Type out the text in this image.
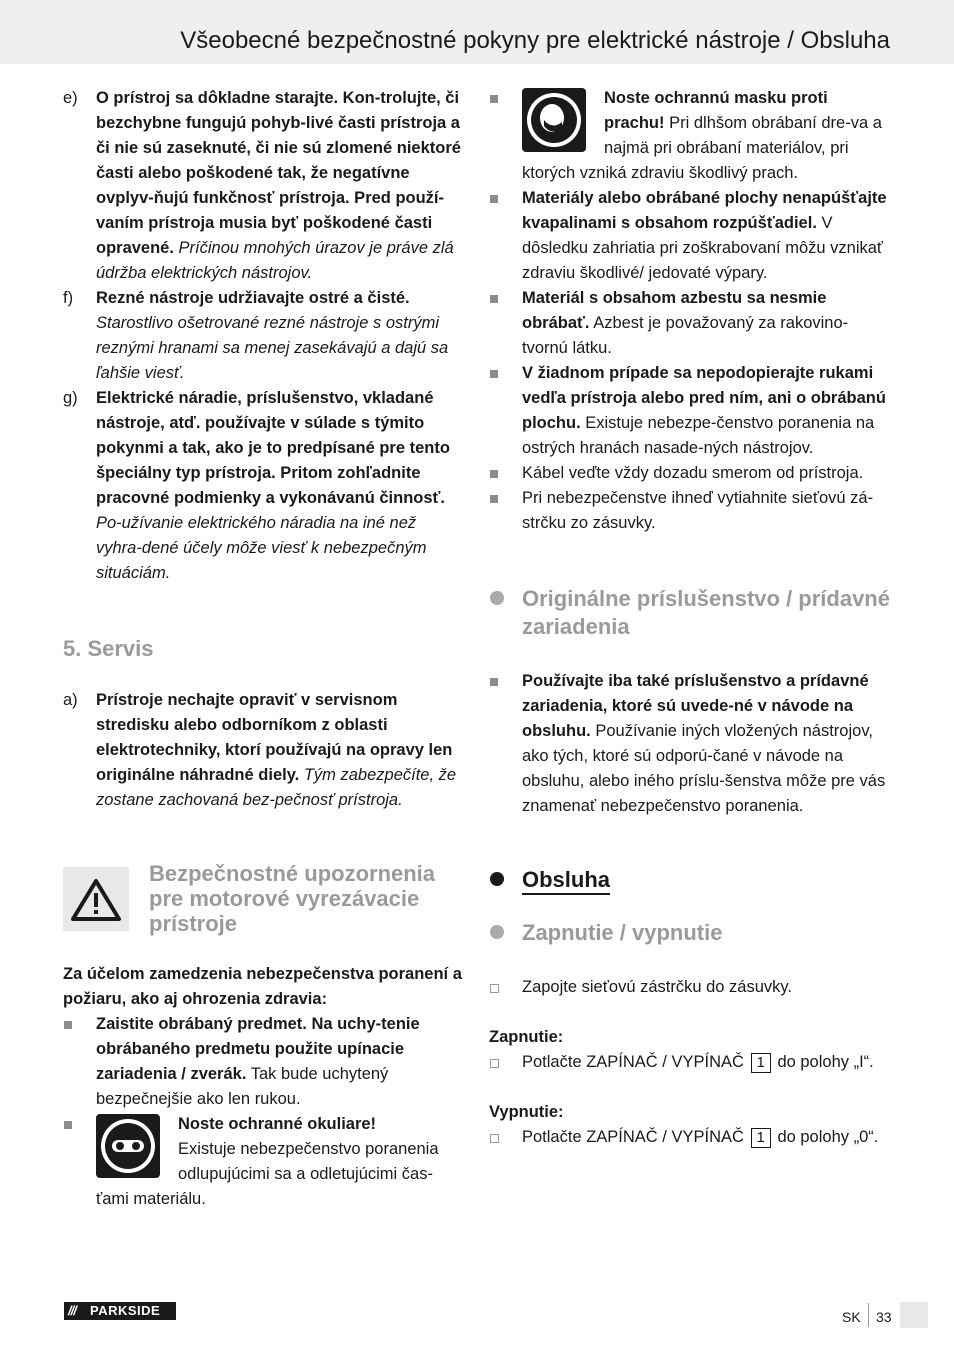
Všeobecné bezpečnostné pokyny pre elektrické nástroje / Obsluha
e) O prístroj sa dôkladne starajte. Kon-trolujte, či bezchybne fungujú pohyb-livé časti prístroja a či nie sú zaseknuté, či nie sú zlomené niektoré časti alebo poškodené tak, že negatívne ovplyv-ňujú funkčnosť prístroja. Pred použí-vaním prístroja musia byť poškodené časti opravené. Príčinou mnohých úrazov je práve zlá údržba elektrických nástrojov.
f) Rezné nástroje udržiavajte ostré a čisté. Starostlivo ošetrované rezné nástroje s ostrými reznými hranami sa menej zasekávajú a dajú sa ľahšie viesť.
g) Elektrické náradie, príslušenstvo, vkladané nástroje, atď. používajte v súlade s týmito pokynmi a tak, ako je to predpísané pre tento špeciálny typ prístroja. Pritom zohľadnite pracovné podmienky a vykonávanú činnosť. Po-užívanie elektrického náradia na iné než vyhra-dené účely môže viesť k nebezpečným situáciám.
5. Servis
a) Prístroje nechajte opraviť v servisnom stredisku alebo odborníkom z oblasti elektrotechniky, ktorí používajú na opravy len originálne náhradné diely. Tým zabezpečíte, že zostane zachovaná bez-pečnosť prístroja.
Bezpečnostné upozornenia pre motorové vyrezávacie prístroje
Za účelom zamedzenia nebezpečenstva poranení a požiaru, ako aj ohrozenia zdravia:
Zaistite obrábaný predmet. Na uchy-tenie obrábaného predmetu použite upínacie zariadenia / zverák. Tak bude uchytený bezpečnejšie ako len rukou.
Noste ochranné okuliare!
Existuje nebezpečenstvo poranenia odlupujúcimi sa a odletujúcimi čas-ťami materiálu.
Noste ochrannú masku proti prachu! Pri dlhšom obrábaní dre-va a najmä pri obrábaní materiálov, pri ktorých vzniká zdraviu škodlivý prach.
Materiály alebo obrábané plochy nenapúšťajte kvapalinami s obsahom rozpúšťadiel. V dôsledku zahriatia pri zoškrabovaní môžu vznikať zdraviu škodlivé/ jedovaté výpary.
Materiál s obsahom azbestu sa nesmie obrábať. Azbest je považovaný za rakovino-tvornú látku.
V žiadnom prípade sa nepodopierajte rukami vedľa prístroja alebo pred ním, ani o obrábanú plochu. Existuje nebezpe-čenstvo poranenia na ostrých hranách nasade-ných nástrojov.
Kábel veďte vždy dozadu smerom od prístroja.
Pri nebezpečenstve ihneď vytiahnite sieťovú zá-strčku zo zásuvky.
Originálne príslušenstvo / prídavné zariadenia
Používajte iba také príslušenstvo a prídavné zariadenia, ktoré sú uvede-né v návode na obsluhu. Používanie iných vložených nástrojov, ako tých, ktoré sú odporú-čané v návode na obsluhu, alebo iného príslu-šenstva môže pre vás znamenať nebezpečenstvo poranenia.
Obsluha
Zapnutie / vypnutie
Zapojte sieťovú zástrčku do zásuvky.
Zapnutie:
Potlačte ZAPÍNAČ / VYPÍNAČ 1 do polohy „I“.
Vypnutie:
Potlačte ZAPÍNAČ / VYPÍNAČ 1 do polohy „0“.
/// PARKSIDE	SK 33
